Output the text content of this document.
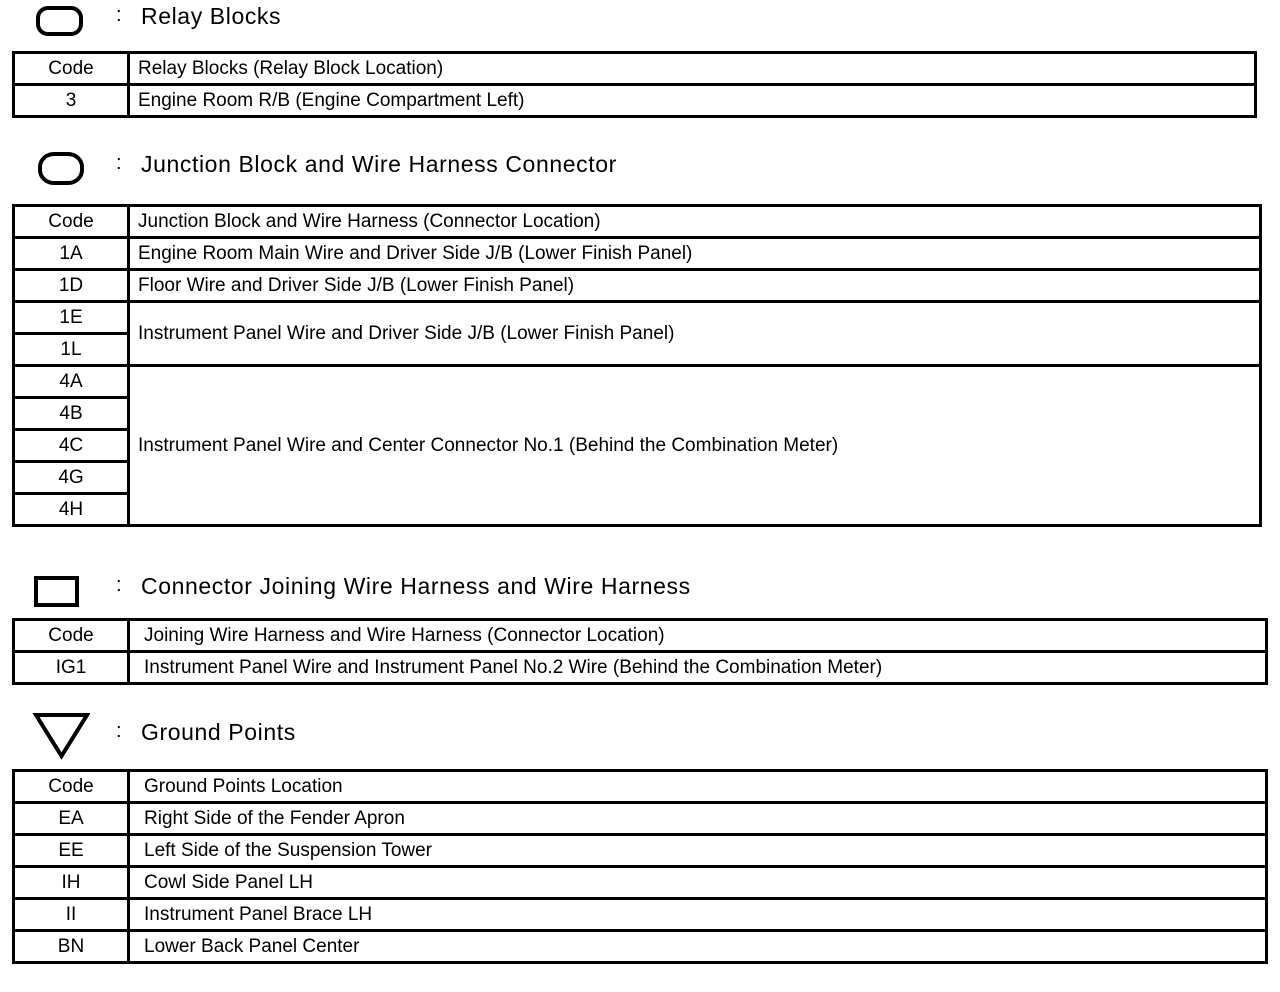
: Relay Blocks
Code	Relay Blocks (Relay Block Location)
3	Engine Room R/B (Engine Compartment Left)
: Junction Block and Wire Harness Connector
Code	Junction Block and Wire Harness (Connector Location)
1A	Engine Room Main Wire and Driver Side J/B (Lower Finish Panel)
1D	Floor Wire and Driver Side J/B (Lower Finish Panel)
1E	Instrument Panel Wire and Driver Side J/B (Lower Finish Panel)
1L	
4A	Instrument Panel Wire and Center Connector No.1 (Behind the Combination Meter)
4B	
4C	
4G	
4H	
: Connector Joining Wire Harness and Wire Harness
Code	Joining Wire Harness and Wire Harness (Connector Location)
IG1	Instrument Panel Wire and Instrument Panel No.2 Wire (Behind the Combination Meter)
: Ground Points
Code	Ground Points Location
EA	Right Side of the Fender Apron
EE	Left Side of the Suspension Tower
IH	Cowl Side Panel LH
II	Instrument Panel Brace LH
BN	Lower Back Panel Center
